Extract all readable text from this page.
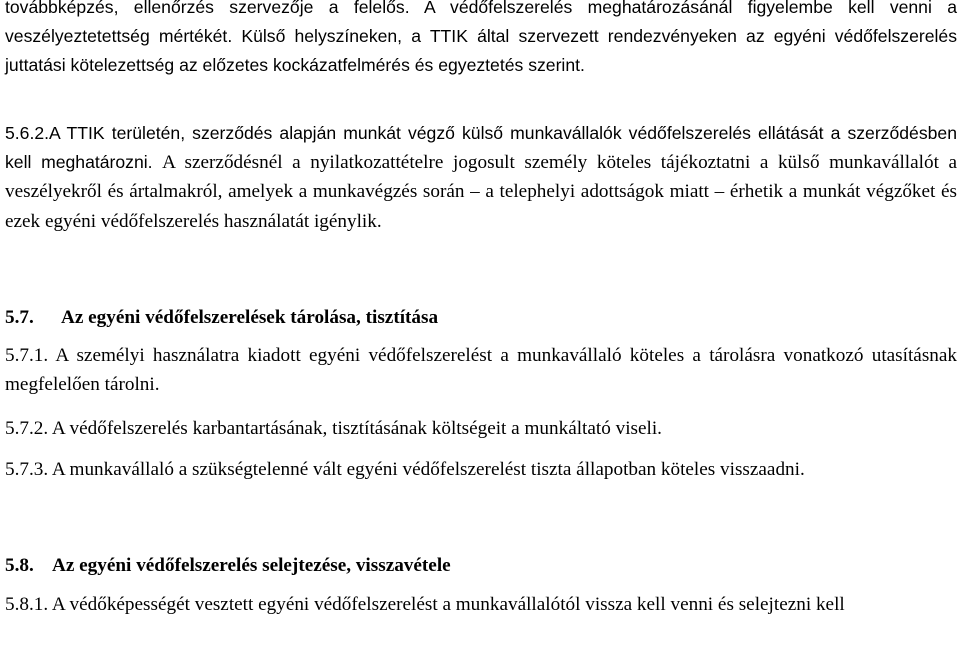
továbbképzés, ellenőrzés szervezője a felelős. A védőfelszerelés meghatározásánál figyelembe kell venni a veszélyeztetettség mértékét. Külső helyszíneken, a TTIK által szervezett rendezvényeken az egyéni védőfelszerelés juttatási kötelezettség az előzetes kockázatfelmérés és egyeztetés szerint.

5.6.2.A TTIK területén, szerződés alapján munkát végző külső munkavállalók védőfelszerelés ellátását a szerződésben kell meghatározni. A szerződésnél a nyilatkozattételre jogosult személy köteles tájékoztatni a külső munkavállalót a veszélyekről és ártalmakról, amelyek a munkavégzés során – a telephelyi adottságok miatt – érhetik a munkát végzőket és ezek egyéni védőfelszerelés használatát igénylik.

5.7. Az egyéni védőfelszerelések tárolása, tisztítása

5.7.1. A személyi használatra kiadott egyéni védőfelszerelést a munkavállaló köteles a tárolásra vonatkozó utasításnak megfelelően tárolni.

5.7.2. A védőfelszerelés karbantartásának, tisztításának költségeit a munkáltató viseli.

5.7.3. A munkavállaló a szükségtelenné vált egyéni védőfelszerelést tiszta állapotban köteles visszaadni.

5.8. Az egyéni védőfelszerelés selejtezése, visszavétele

5.8.1. A védőképességét vesztett egyéni védőfelszerelést a munkavállalótól vissza kell venni és selejtezni kell
